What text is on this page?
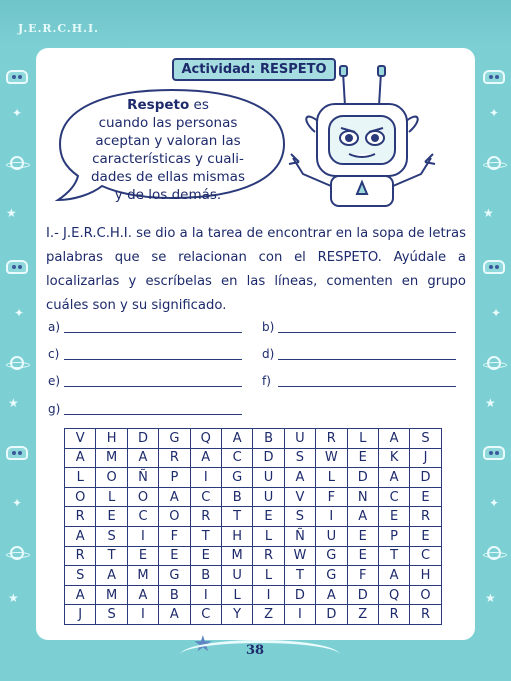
J.E.R.C.H.I.
✦
★
✦
★
✦
★
✦
★
✦
★
✦
★
Actividad: RESPETO
Respeto es
cuando las personas
aceptan y valoran las
características y cuali-
dades de ellas mismas
y de los demás.
I.- J.E.R.C.H.I. se dio a la tarea de encontrar en la sopa de letras palabras que se relacionan con el RESPETO. Ayúdale a localizarlas y escríbelas en las líneas, comenten en grupo cuáles son y su significado.
a)	b)
c)	d)
e)	f)
g)
V	H	D	G	Q	A	B	U	R	L	A	S
A	M	A	R	A	C	D	S	W	E	K	J
L	O	Ñ	P	I	G	U	A	L	D	A	D
O	L	O	A	C	B	U	V	F	N	C	E
R	E	C	O	R	T	E	S	I	A	E	R
A	S	I	F	T	H	L	Ñ	U	E	P	E
R	T	E	E	E	M	R	W	G	E	T	C
S	A	M	G	B	U	L	T	G	F	A	H
A	M	A	B	I	L	I	D	A	D	Q	O
J	S	I	A	C	Y	Z	I	D	Z	R	R
★	38
